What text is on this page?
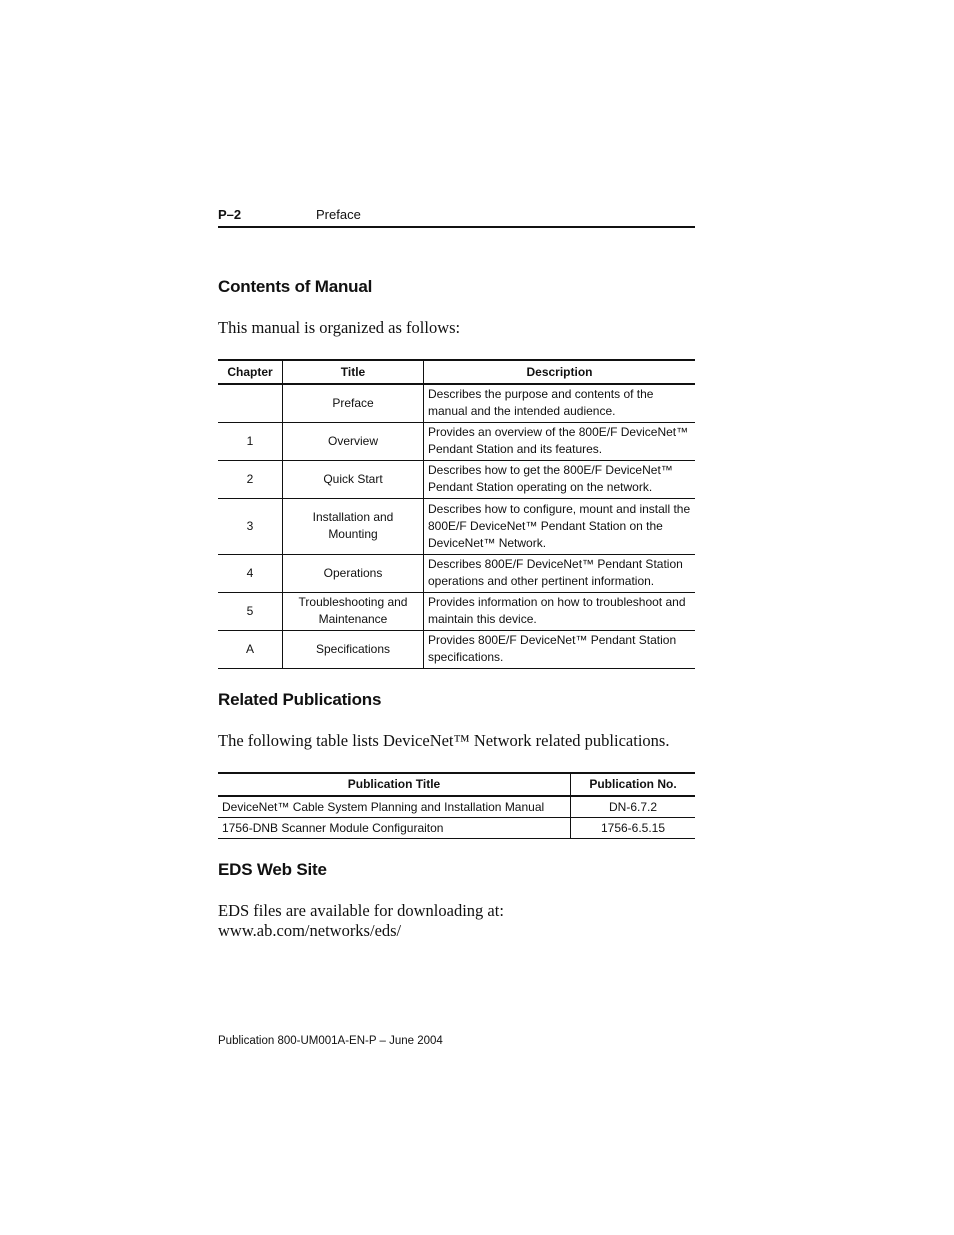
P–2	Preface
Contents of Manual
This manual is organized as follows:
Chapter	Title	Description
	Preface	Describes the purpose and contents of the manual and the intended audience.
1	Overview	Provides an overview of the 800E/F DeviceNet™ Pendant Station and its features.
2	Quick Start	Describes how to get the 800E/F DeviceNet™ Pendant Station operating on the network.
3	Installation and Mounting	Describes how to configure, mount and install the 800E/F DeviceNet™ Pendant Station on the DeviceNet™ Network.
4	Operations	Describes 800E/F DeviceNet™ Pendant Station operations and other pertinent information.
5	Troubleshooting and Maintenance	Provides information on how to troubleshoot and maintain this device.
A	Specifications	Provides 800E/F DeviceNet™ Pendant Station specifications.
Related Publications
The following table lists DeviceNet™ Network related publications.
Publication Title	Publication No.
DeviceNet™ Cable System Planning and Installation Manual	DN-6.7.2
1756-DNB Scanner Module Configuraiton	1756-6.5.15
EDS Web Site
EDS files are available for downloading at:
www.ab.com/networks/eds/
Publication 800-UM001A-EN-P – June 2004
